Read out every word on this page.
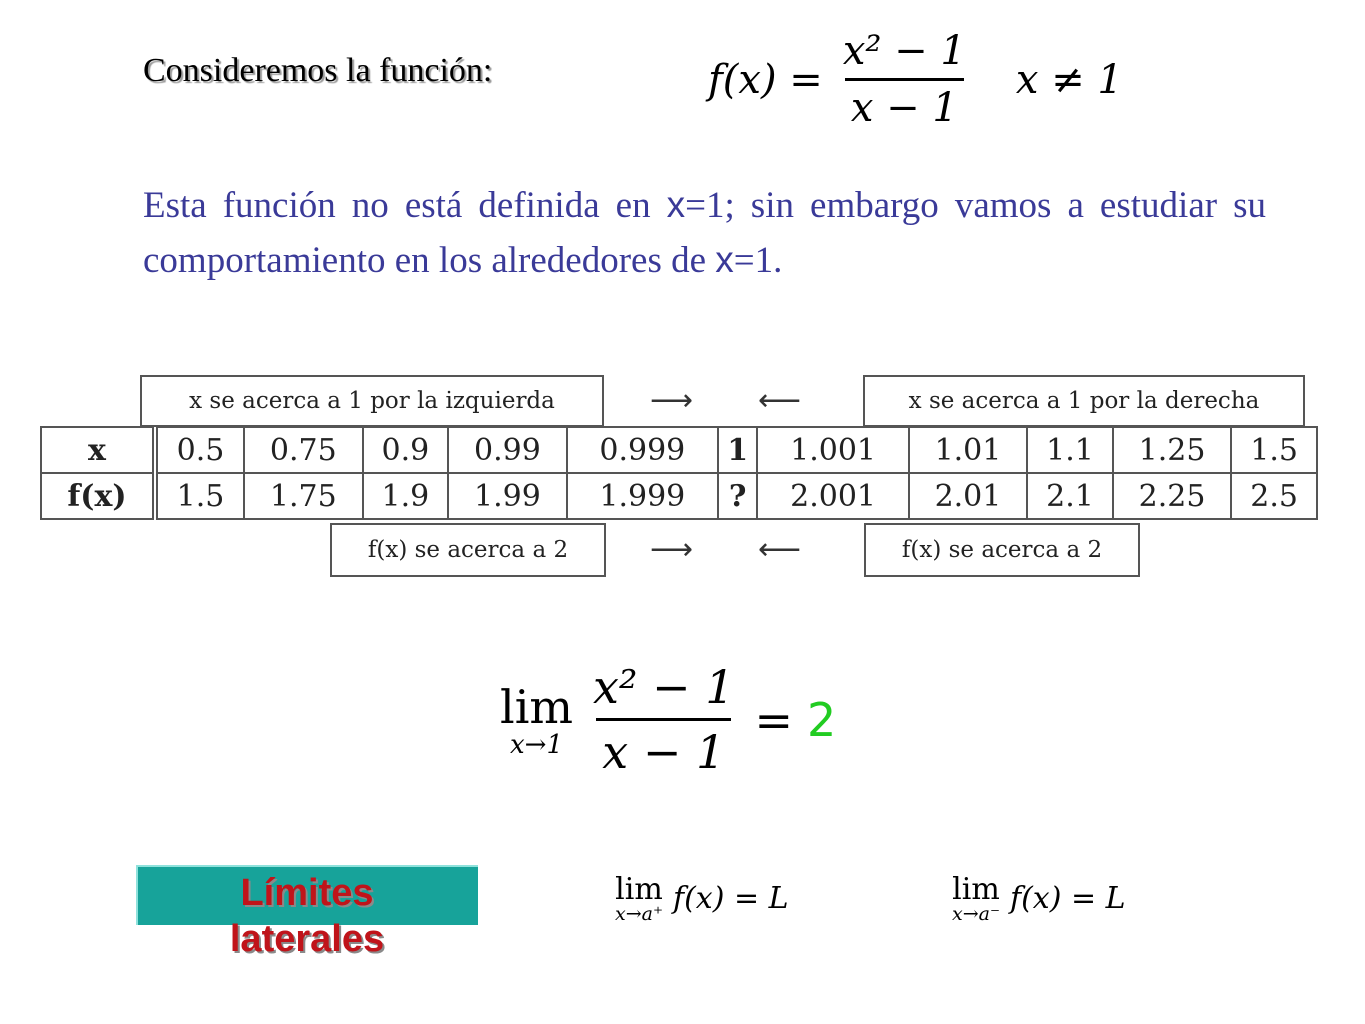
Consideremos la función:	$f(x) = \frac{\text{x² − 1}}{x - 1}$ x ≠ 1
Esta función no está definida en x=1; sin embargo vamos a estudiar su comportamiento en los alrededores de x=1.
x se acerca a 1 por la izquierda	⟶ ⟵	x se acerca a 1 por la derecha
x	0.5	0.75	0.9	0.99	0.999	1	1.001	1.01	1.1	1.25	1.5
f(x)	1.5	1.75	1.9	1.99	1.999	?	2.001	2.01	2.1	2.25	2.5
f(x) se acerca a 2	⟶ ⟵	f(x) se acerca a 2
lim
$x\to 1 \frac{\text{x² − 1}}{x - 1} = 2$
Límites
laterales
lim
x→a⁺ f(x) = L	lim
x→a⁻ f(x) = L
